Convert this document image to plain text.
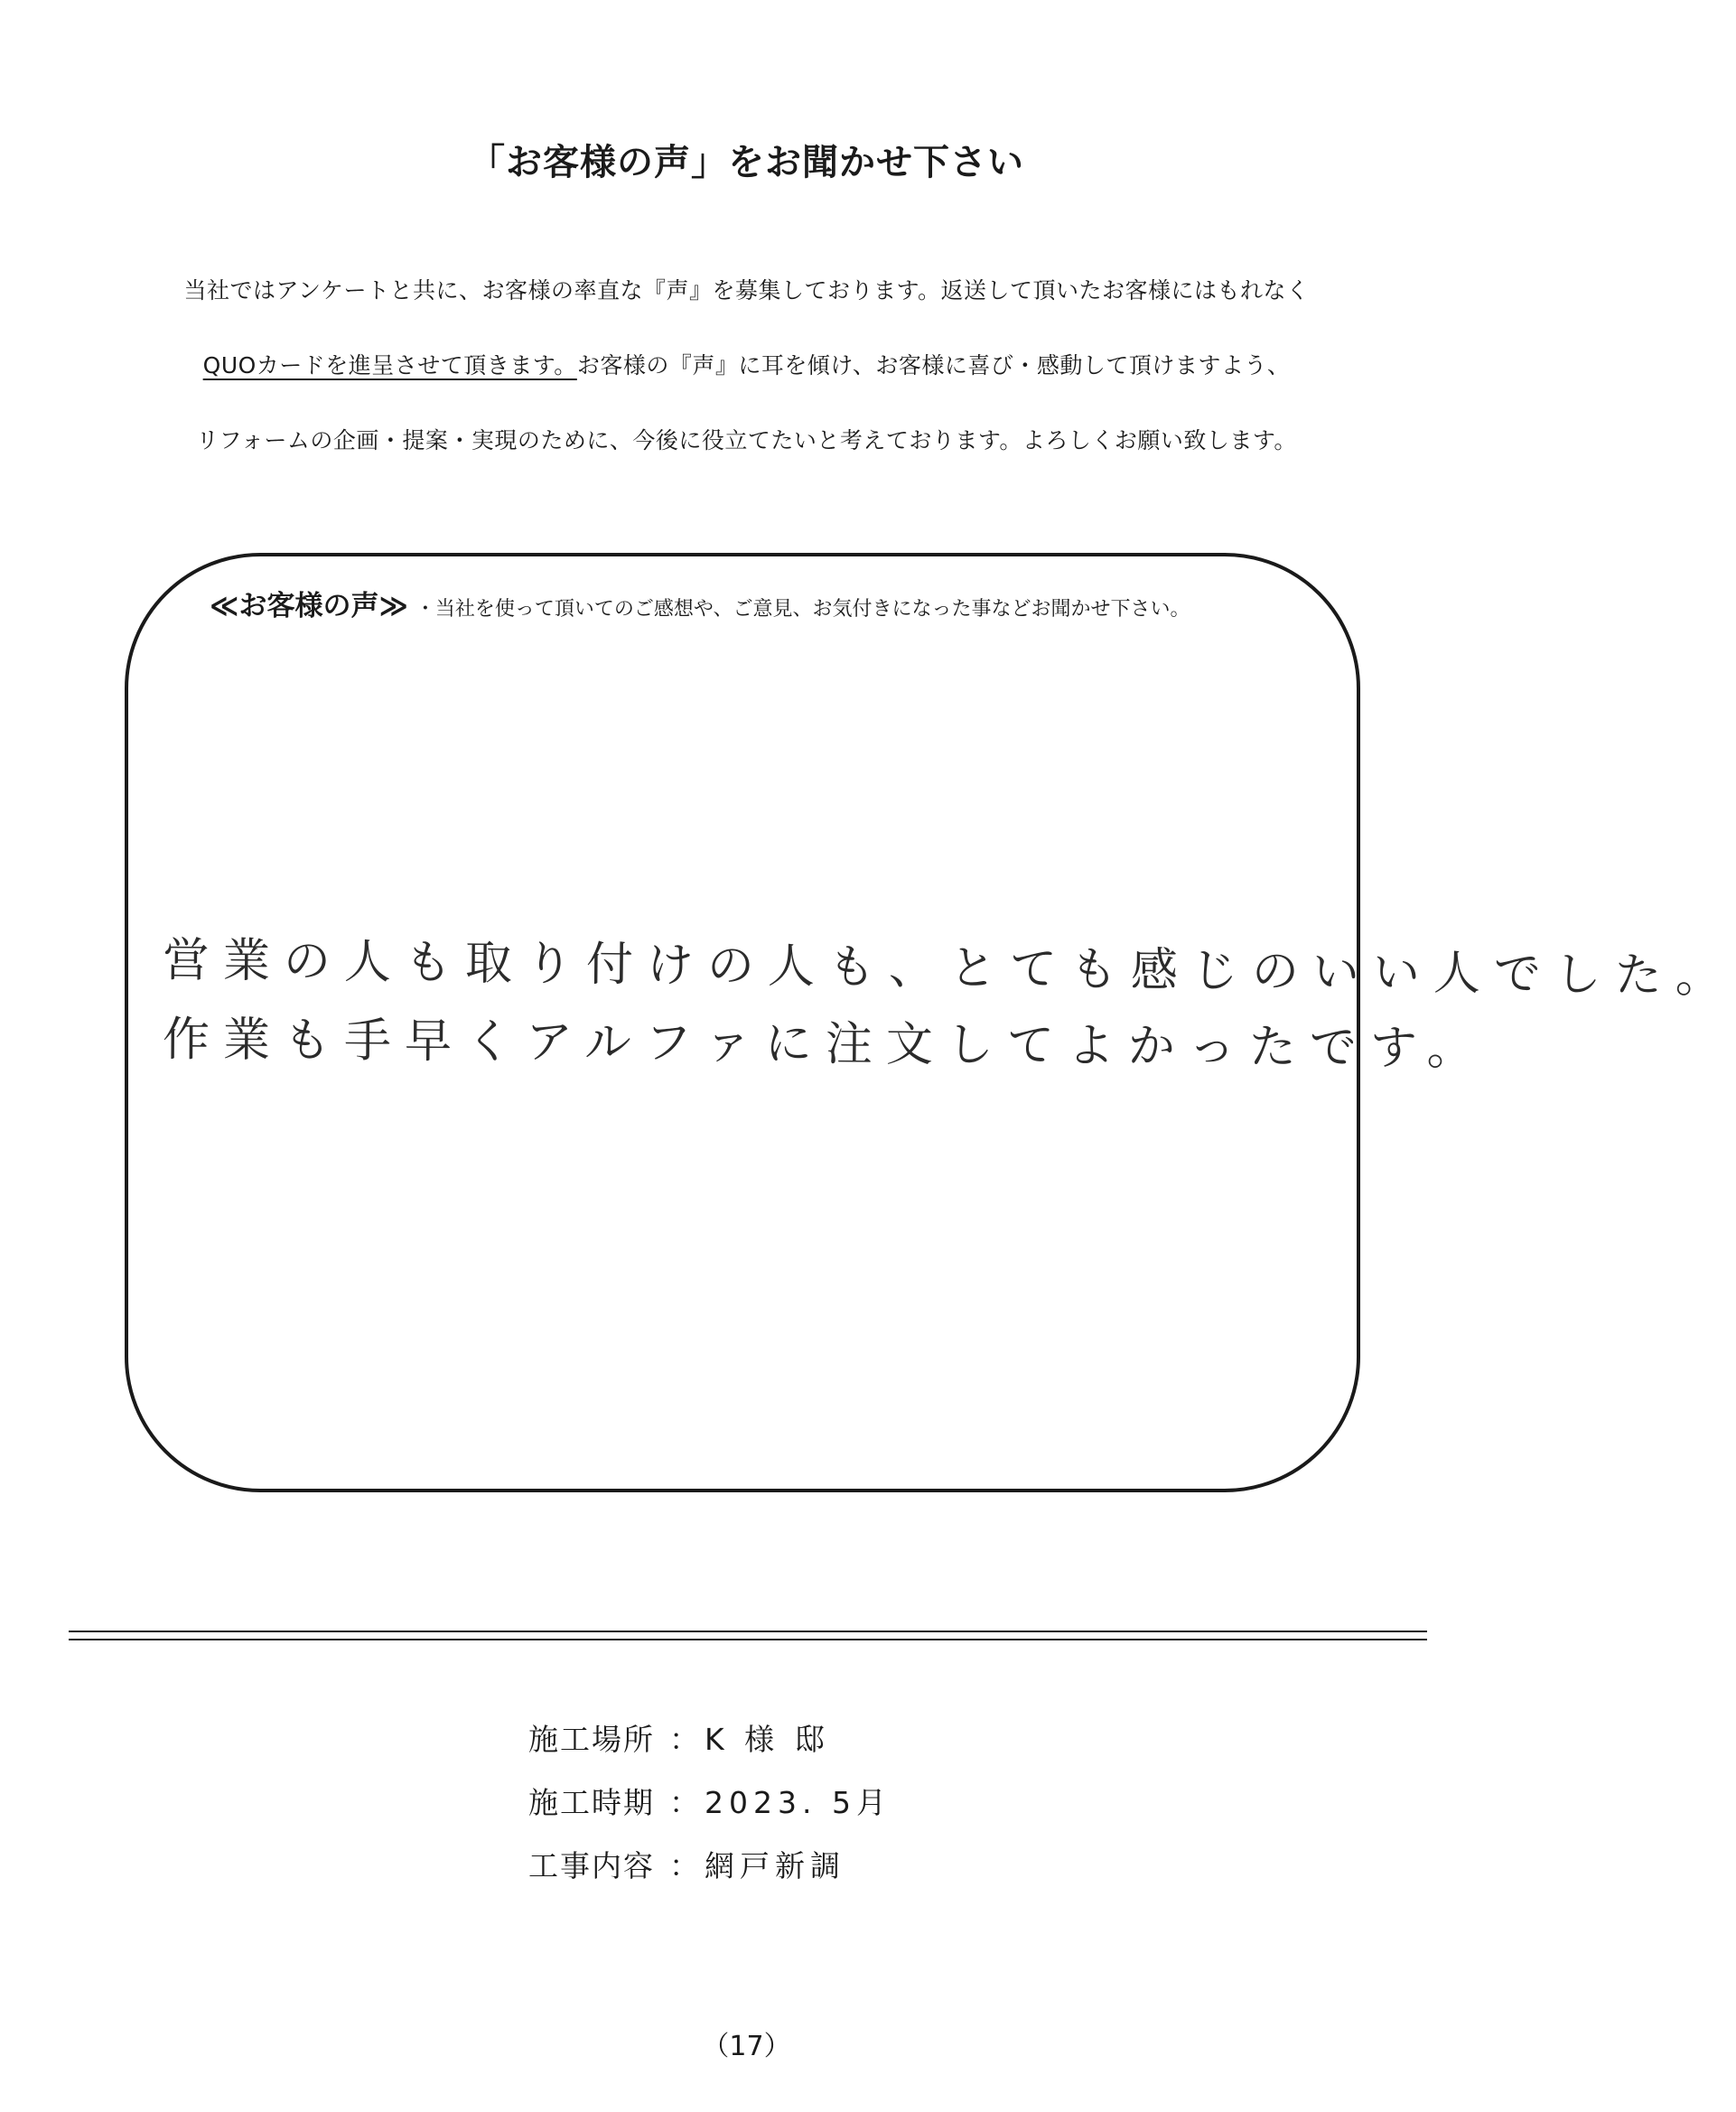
「お客様の声」をお聞かせ下さい
当社ではアンケートと共に、お客様の率直な『声』を募集しております。返送して頂いたお客様にはもれなく
QUOカードを進呈させて頂きます。お客様の『声』に耳を傾け、お客様に喜び・感動して頂けますよう、
リフォームの企画・提案・実現のために、今後に役立てたいと考えております。よろしくお願い致します。
≪お客様の声≫ ・当社を使って頂いてのご感想や、ご意見、お気付きになった事などお聞かせ下さい。
営業の人も取り付けの人も、とても感じのいい人でした。
作業も手早くアルファに注文してよかったです。
施工場所 ： K 様 邸
施工時期 ： 2023. 5月
工事内容 ： 網戸新調
（17）
